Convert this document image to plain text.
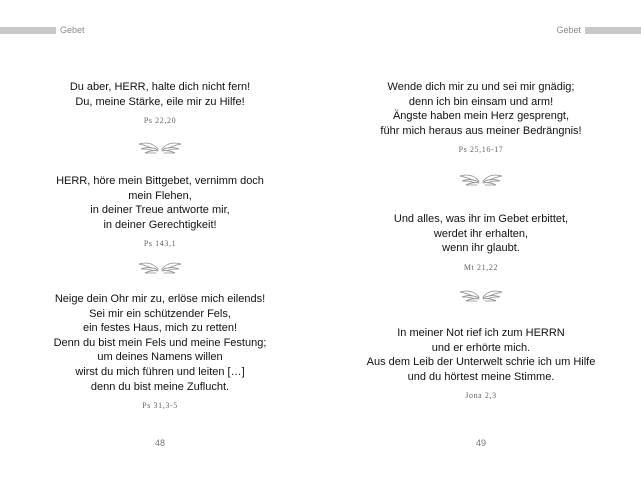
Gebet

Du aber, HERR, halte dich nicht fern!
Du, meine Stärke, eile mir zu Hilfe!

Ps 22,20

HERR, höre mein Bittgebet, vernimm doch
mein Flehen,
in deiner Treue antworte mir,
in deiner Gerechtigkeit!

Ps 143,1

Neige dein Ohr mir zu, erlöse mich eilends!
Sei mir ein schützender Fels,
ein festes Haus, mich zu retten!
Denn du bist mein Fels und meine Festung;
um deines Namens willen
wirst du mich führen und leiten […]
denn du bist meine Zuflucht.

Ps 31,3-5
48
Gebet

Wende dich mir zu und sei mir gnädig;
denn ich bin einsam und arm!
Ängste haben mein Herz gesprengt,
führ mich heraus aus meiner Bedrängnis!

Ps 25,16-17

Und alles, was ihr im Gebet erbittet,
werdet ihr erhalten,
wenn ihr glaubt.

Mt 21,22

In meiner Not rief ich zum HERRN
und er erhörte mich.
Aus dem Leib der Unterwelt schrie ich um Hilfe
und du hörtest meine Stimme.

Jona 2,3
49
